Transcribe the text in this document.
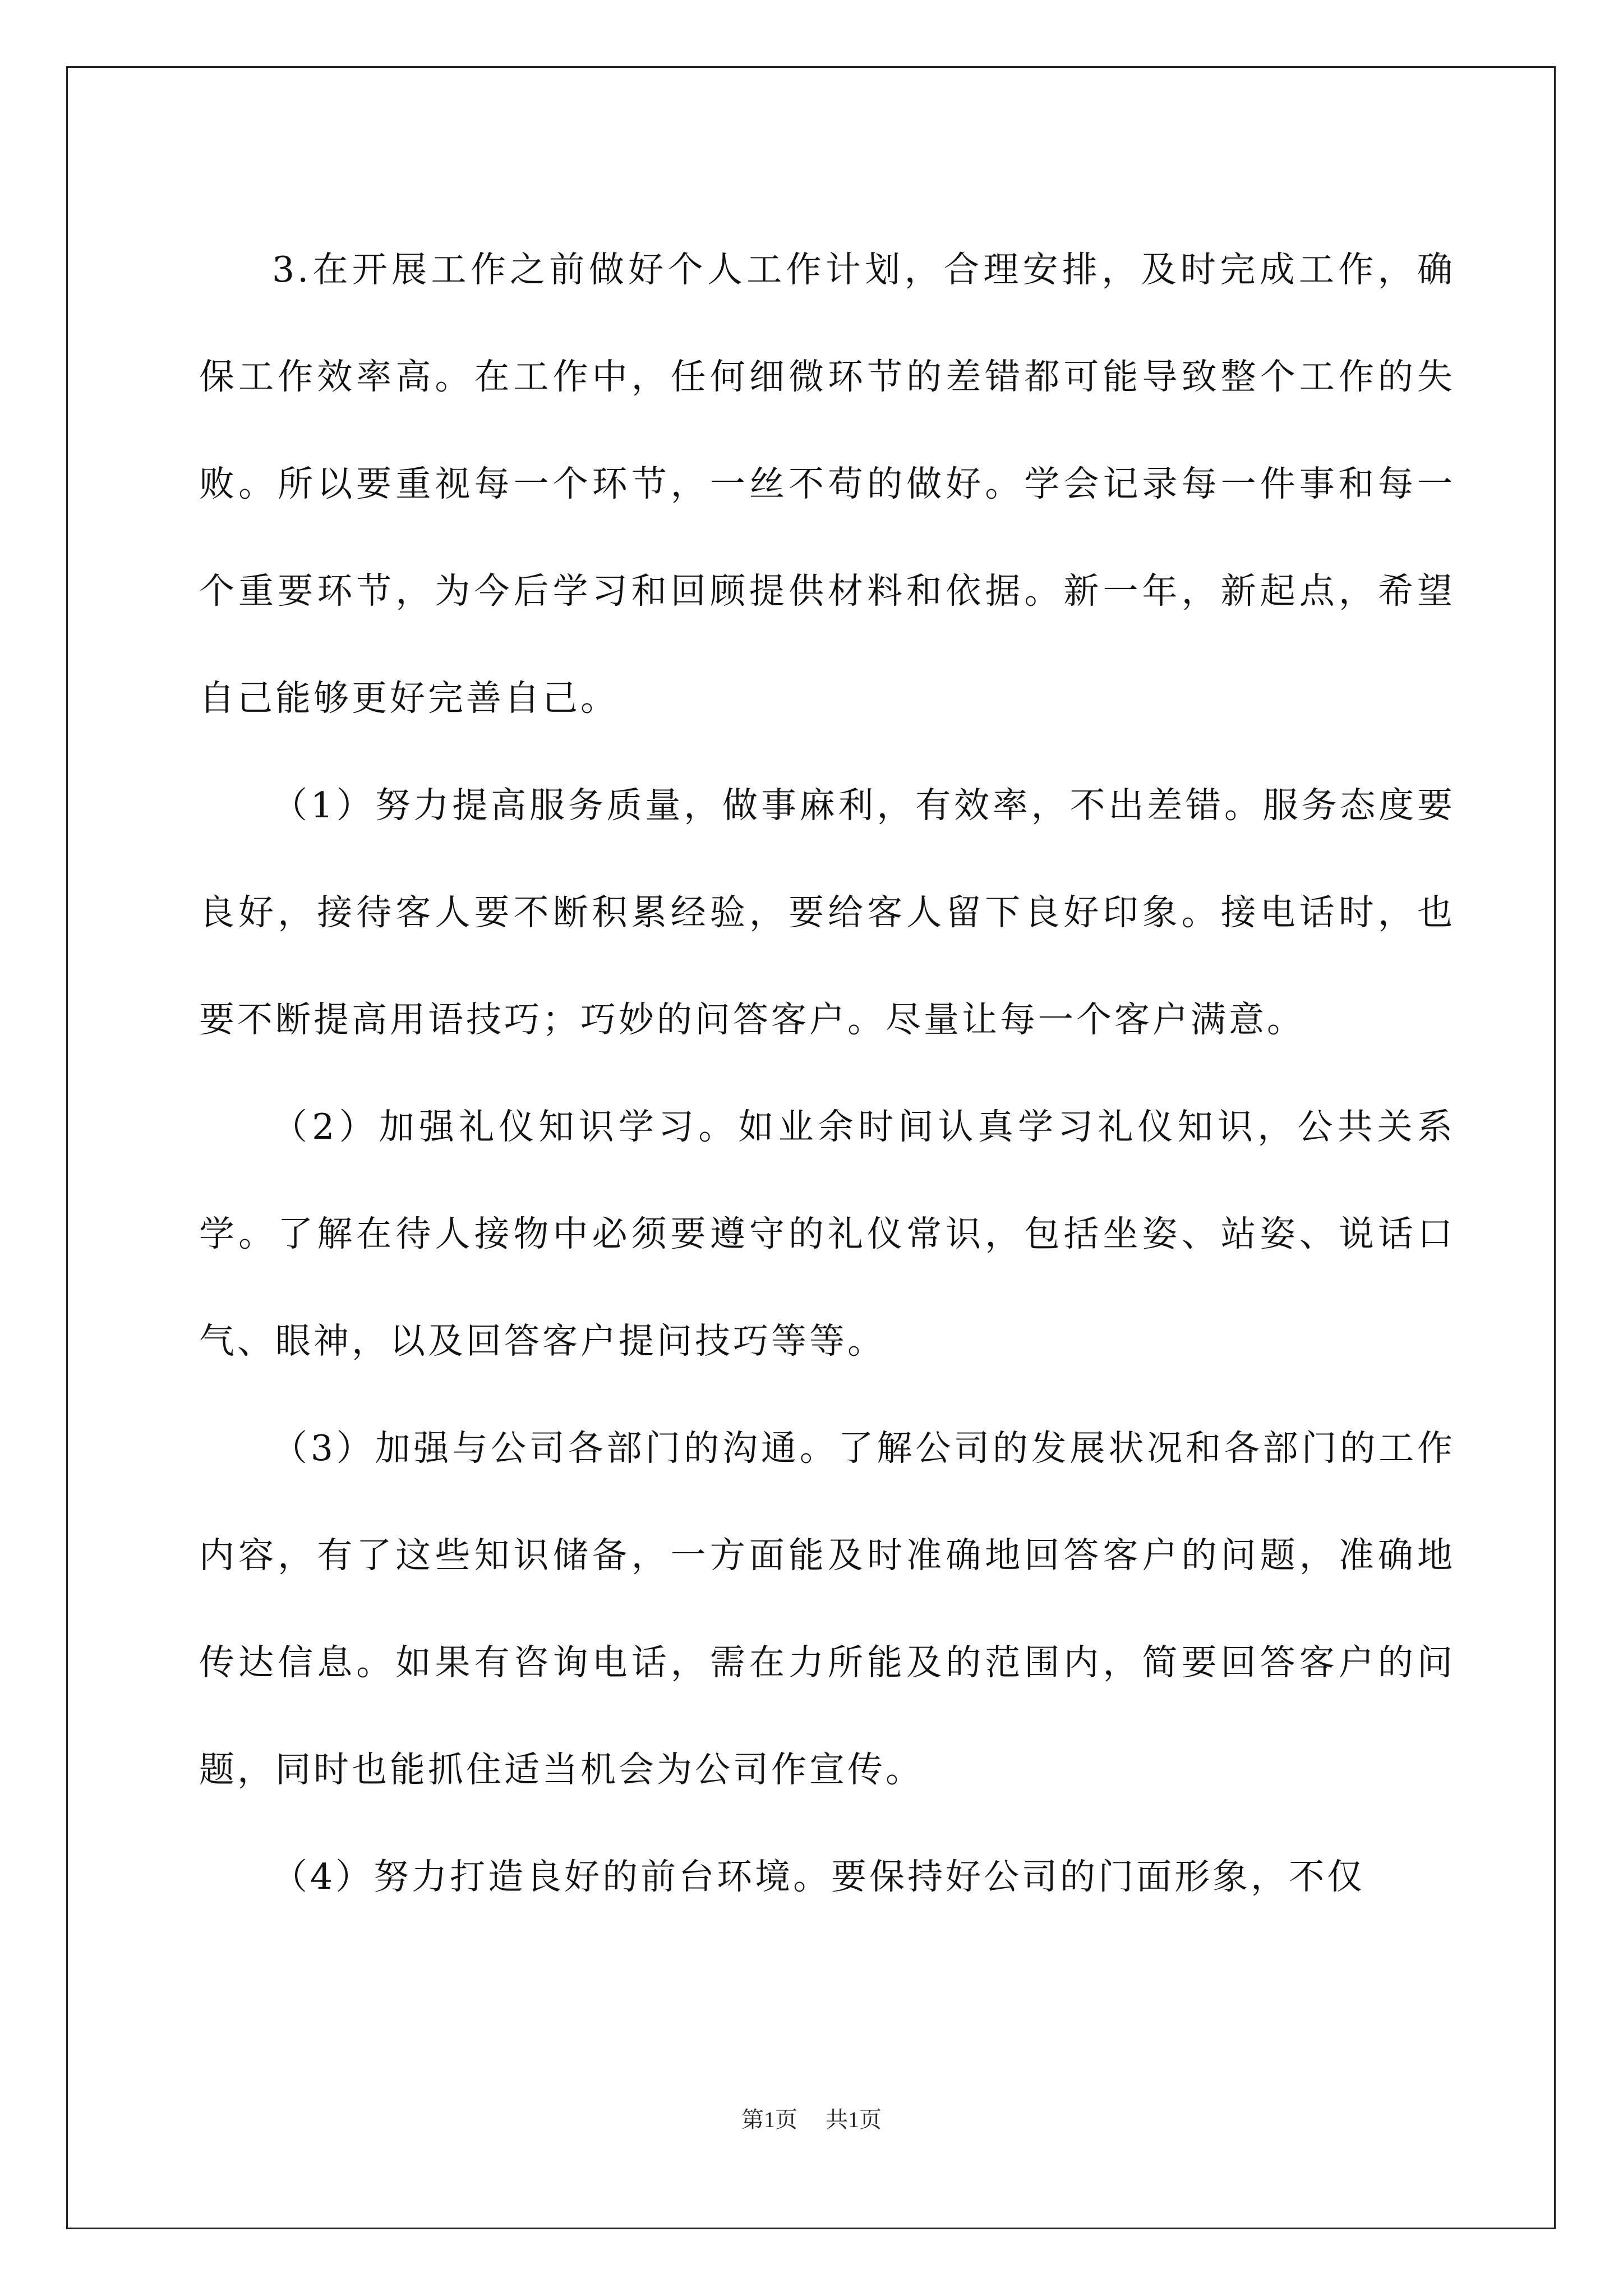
3.在开展工作之前做好个人工作计划，合理安排，及时完成工作，确保工作效率高。在工作中，任何细微环节的差错都可能导致整个工作的失败。所以要重视每一个环节，一丝不苟的做好。学会记录每一件事和每一个重要环节，为今后学习和回顾提供材料和依据。新一年，新起点，希望自己能够更好完善自己。

（1）努力提高服务质量，做事麻利，有效率，不出差错。服务态度要良好，接待客人要不断积累经验，要给客人留下良好印象。接电话时，也要不断提高用语技巧；巧妙的问答客户。尽量让每一个客户满意。

（2）加强礼仪知识学习。如业余时间认真学习礼仪知识，公共关系学。了解在待人接物中必须要遵守的礼仪常识，包括坐姿、站姿、说话口气、眼神，以及回答客户提问技巧等等。

（3）加强与公司各部门的沟通。了解公司的发展状况和各部门的工作内容，有了这些知识储备，一方面能及时准确地回答客户的问题，准确地传达信息。如果有咨询电话，需在力所能及的范围内，简要回答客户的问题，同时也能抓住适当机会为公司作宣传。

（4）努力打造良好的前台环境。要保持好公司的门面形象，不仅

第1页 共1页
